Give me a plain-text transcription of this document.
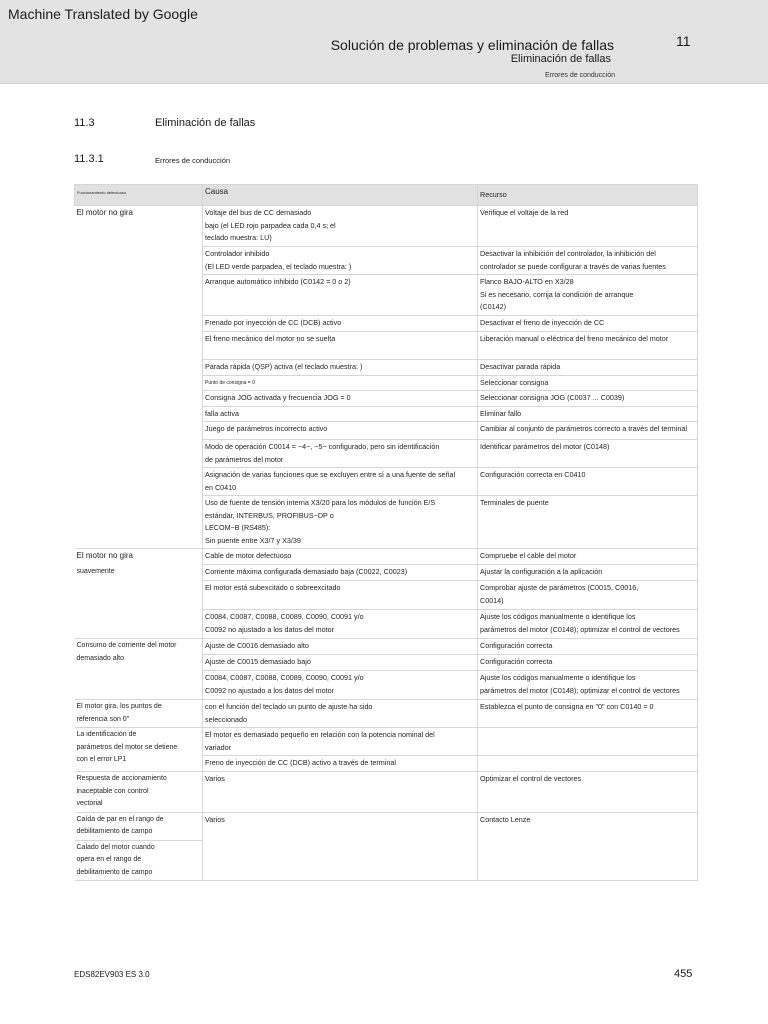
Machine Translated by Google
Solución de problemas y eliminación de fallas	11
Eliminación de fallas
Errores de conducción
11.3	Eliminación de fallas
11.3.1	Errores de conducción
Funcionamiento defectuoso	Causa	Recurso
El motor no gira	Voltaje del bus de CC demasiado
bajo (el LED rojo parpadea cada 0,4 s; el
teclado muestra: LU)	Verifique el voltaje de la red
	Controlador inhibido
(El LED verde parpadea, el teclado muestra: )	Desactivar la inhibición del controlador, la inhibición del
controlador se puede configurar a través de varias fuentes
	Arranque automático inhibido (C0142 = 0 o 2)	Flanco BAJO-ALTO en X3/28
Si es necesario, corrija la condición de arranque
(C0142)
	Frenado por inyección de CC (DCB) activo	Desactivar el freno de inyección de CC
	El freno mecánico del motor no se suelta	Liberación manual o eléctrica del freno mecánico del motor
	Parada rápida (QSP) activa (el teclado muestra: )	Desactivar parada rápida
	Punto de consigna = 0	Seleccionar consigna
	Consigna JOG activada y frecuencia JOG = 0	Seleccionar consigna JOG (C0037 ... C0039)
	falla activa	Eliminar fallo
	Juego de parámetros incorrecto activo	Cambiar al conjunto de parámetros correcto a través del terminal
	Modo de operación C0014 = −4−, −5− configurado, pero sin identificación
de parámetros del motor	Identificar parámetros del motor (C0148)
	Asignación de varias funciones que se excluyen entre sí a una fuente de señal
en C0410	Configuración correcta en C0410
	Uso de fuente de tensión interna X3/20 para los módulos de función E/S
estándar, INTERBUS, PROFIBUS−DP o
LECOM−B (RS485):
Sin puente entre X3/7 y X3/39	Terminales de puente
El motor no gira	Cable de motor defectuoso	Compruebe el cable del motor
suavemente	Corriente máxima configurada demasiado baja (C0022, C0023)	Ajustar la configuración a la aplicación
	El motor está subexcitado o sobreexcitado	Comprobar ajuste de parámetros (C0015, C0016,
C0014)
	C0084, C0087, C0088, C0089, C0090, C0091 y/o
C0092 no ajustado a los datos del motor	Ajuste los códigos manualmente o identifique los
parámetros del motor (C0148); optimizar el control de vectores
Consumo de corriente del motor
demasiado alto	Ajuste de C0016 demasiado alto	Configuración correcta
	Ajuste de C0015 demasiado bajo	Configuración correcta
	C0084, C0087, C0088, C0089, C0090, C0091 y/o
C0092 no ajustado a los datos del motor	Ajuste los códigos manualmente o identifique los
parámetros del motor (C0148); optimizar el control de vectores
El motor gira, los puntos de
referencia son 0"	con el función del teclado un punto de ajuste ha sido
seleccionado	Establezca el punto de consigna en "0" con C0140 = 0
La identificación de
parámetros del motor se detiene
con el error LP1	El motor es demasiado pequeño en relación con la potencia nominal del
variador	
	Freno de inyección de CC (DCB) activo a través de terminal	
Respuesta de accionamiento
inaceptable con control
vectorial	Varios	Optimizar el control de vectores
Caída de par en el rango de
debilitamiento de campo	Varios	Contacto Lenze
Calado del motor cuando
opera en el rango de
debilitamiento de campo		
EDS82EV903 ES 3.0	455
